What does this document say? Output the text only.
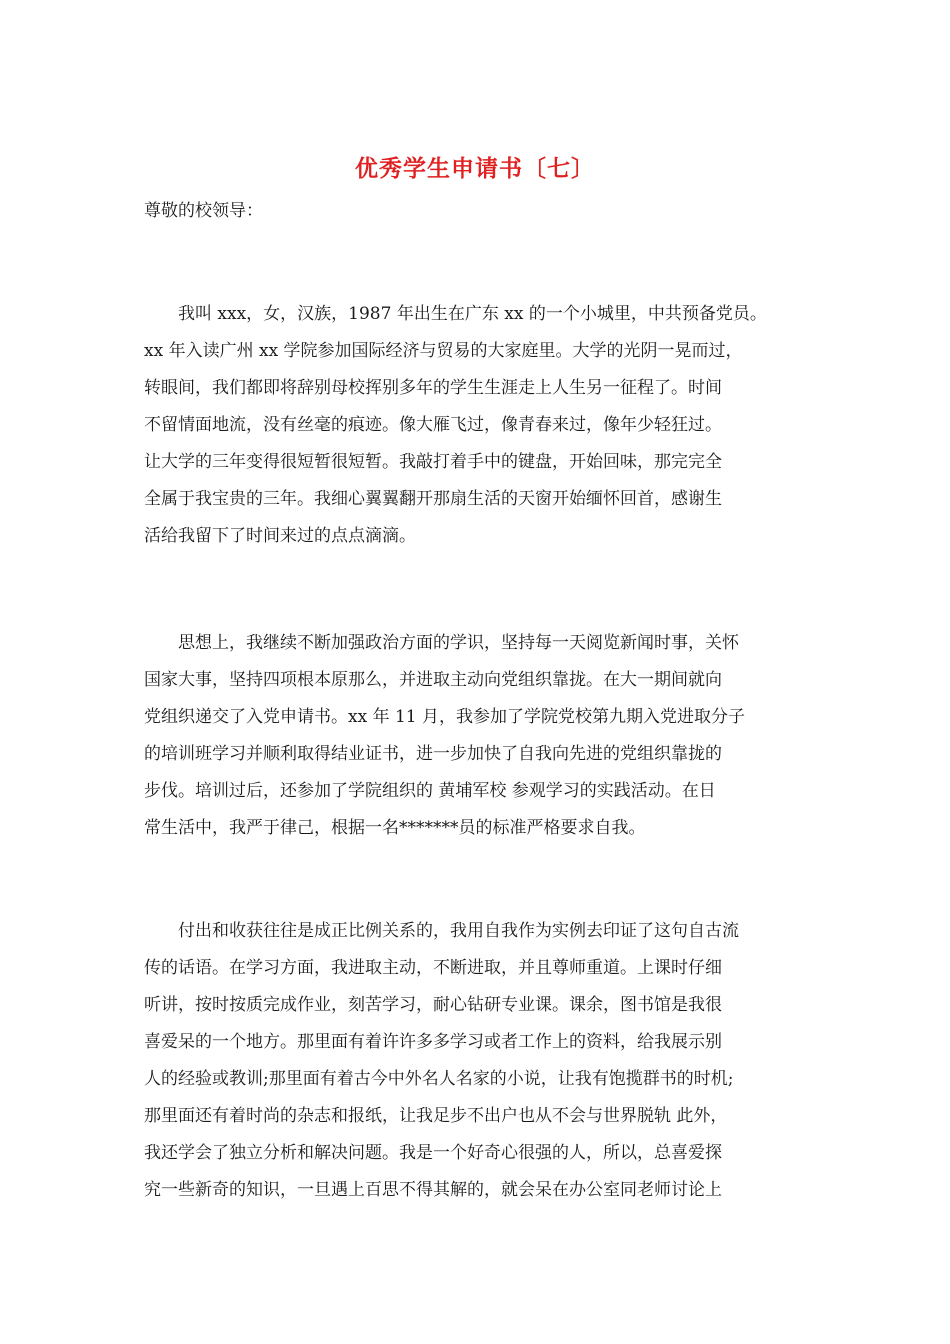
优秀学生申请书〔七〕
尊敬的校领导：
　　我叫 xxx，女，汉族，1987 年出生在广东 xx 的一个小城里，中共预备党员。
xx 年入读广州 xx 学院参加国际经济与贸易的大家庭里。大学的光阴一晃而过，
转眼间，我们都即将辞别母校挥别多年的学生生涯走上人生另一征程了。时间
不留情面地流，没有丝毫的痕迹。像大雁飞过，像青春来过，像年少轻狂过。
让大学的三年变得很短暂很短暂。我敲打着手中的键盘，开始回味，那完完全
全属于我宝贵的三年。我细心翼翼翻开那扇生活的天窗开始缅怀回首，感谢生
活给我留下了时间来过的点点滴滴。
　　思想上，我继续不断加强政治方面的学识，坚持每一天阅览新闻时事，关怀
国家大事，坚持四项根本原那么，并进取主动向党组织靠拢。在大一期间就向
党组织递交了入党申请书。xx 年 11 月，我参加了学院党校第九期入党进取分子
的培训班学习并顺利取得结业证书，进一步加快了自我向先进的党组织靠拢的
步伐。培训过后，还参加了学院组织的 黄埔军校 参观学习的实践活动。在日
常生活中，我严于律己，根据一名*******员的标准严格要求自我。
　　付出和收获往往是成正比例关系的，我用自我作为实例去印证了这句自古流
传的话语。在学习方面，我进取主动，不断进取，并且尊师重道。上课时仔细
听讲，按时按质完成作业，刻苦学习，耐心钻研专业课。课余，图书馆是我很
喜爱呆的一个地方。那里面有着许许多多学习或者工作上的资料，给我展示别
人的经验或教训;那里面有着古今中外名人名家的小说，让我有饱揽群书的时机;
那里面还有着时尚的杂志和报纸，让我足步不出户也从不会与世界脱轨 此外，
我还学会了独立分析和解决问题。我是一个好奇心很强的人，所以，总喜爱探
究一些新奇的知识，一旦遇上百思不得其解的，就会呆在办公室同老师讨论上
